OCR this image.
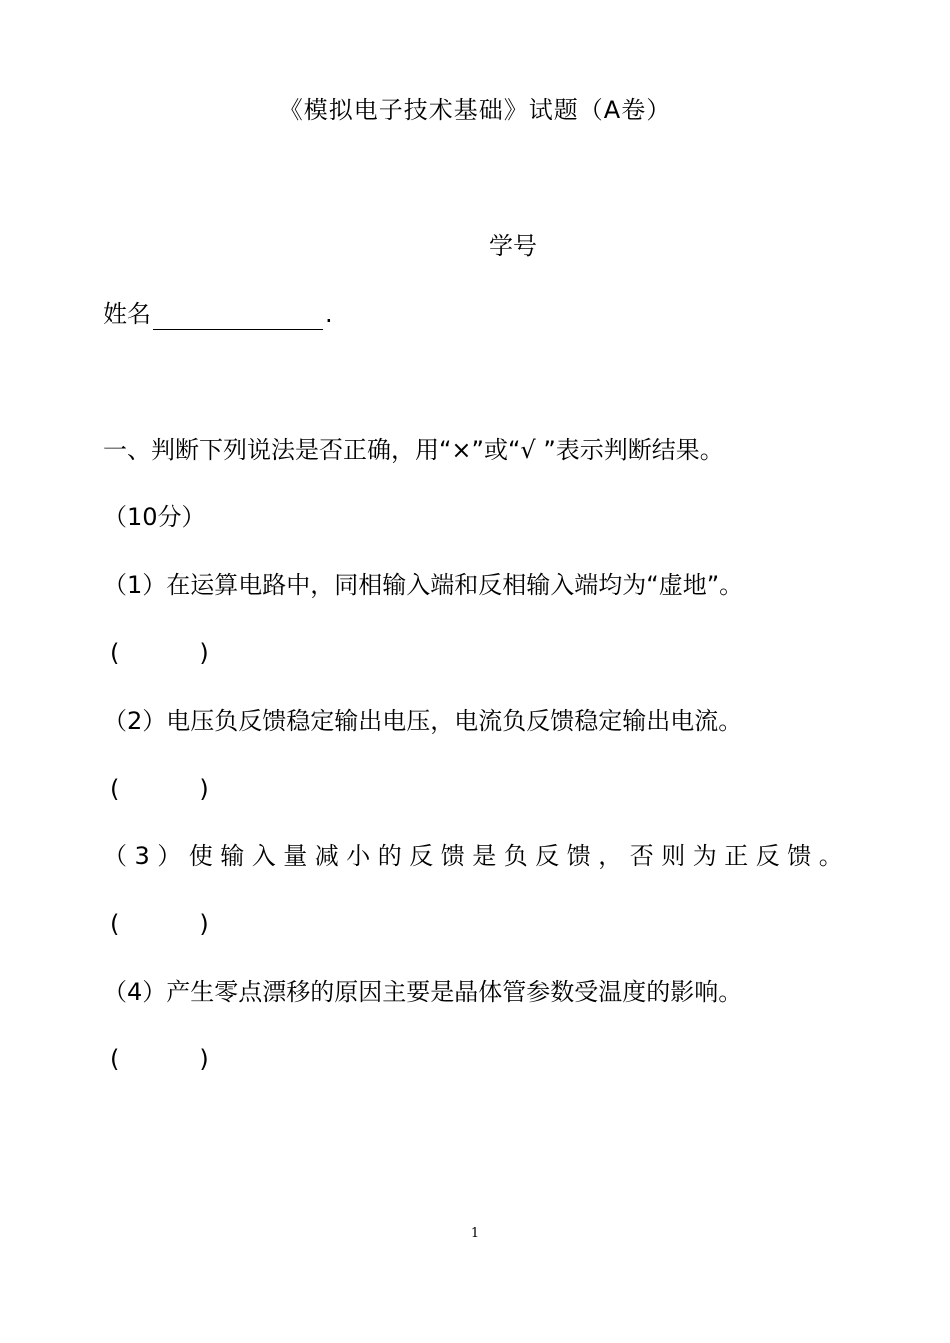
《模拟电子技术基础》试题（A卷）
学号
姓名	.
一、判断下列说法是否正确，用“×”或“√ ”表示判断结果。
（10分）
（1）在运算电路中，同相输入端和反相输入端均为“虚地”。
(	)
（2）电压负反馈稳定输出电压，电流负反馈稳定输出电流。
(	)
（3）使输入量减小的反馈是负反馈，否则为正反馈。
(	)
（4）产生零点漂移的原因主要是晶体管参数受温度的影响。
(	)
1
